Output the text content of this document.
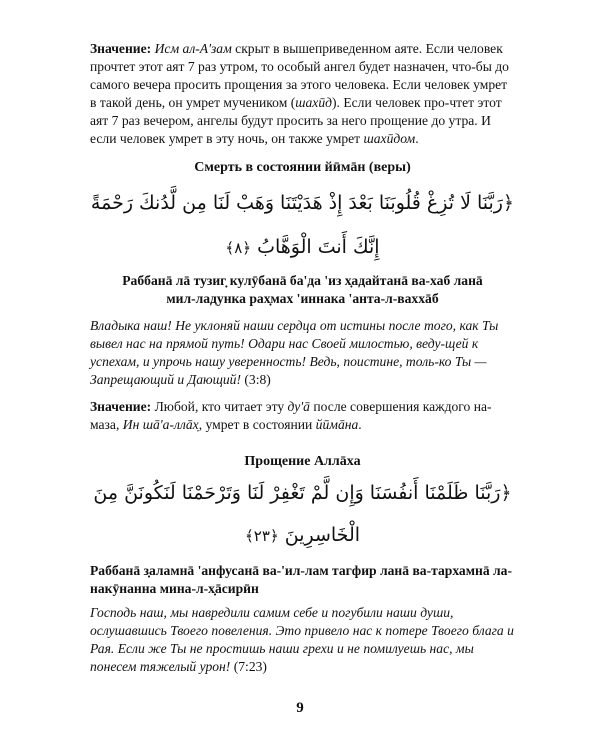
Значение: Исм ал-А'зам скрыт в вышеприведенном аяте. Если человек прочтет этот аят 7 раз утром, то особый ангел будет назначен, что-бы до самого вечера просить прощения за этого человека. Если человек умрет в такой день, он умрет мучеником (шахӣд). Если человек про-чтет этот аят 7 раз вечером, ангелы будут просить за него прощение до утра. И если человек умрет в эту ночь, он также умрет шахӣдом.

Смерть в состоянии йӣмāн (веры)
﴿رَبَّنَا لَا تُزِغْ قُلُوبَنَا بَعْدَ إِذْ هَدَيْتَنَا وَهَبْ لَنَا مِن لَّدُنكَ رَحْمَةً
إِنَّكَ أَنتَ الْوَهَّابُ ﴿٨﴾
Раббанā лā тузиг̣ кулӯбанā ба'да 'из х̣адайтанā ва-хаб ланā
мил-ладунка рах̣мах 'иннака 'анта-л-ваххāб
Владыка наш! Не уклоняй наши сердца от истины после того, как Ты вывел нас на прямой путь! Одари нас Своей милостью, веду-щей к успехам, и упрочь нашу уверенность! Ведь, поистине, толь-ко Ты — Запрещающий и Дающий! (3:8)

Значение: Любой, кто читает эту ду'ā после совершения каждого на-маза, Ин шā'а-ллāх̣, умрет в состоянии йӣмāна.

Прощение Аллāха
﴿رَبَّنَا ظَلَمْنَا أَنفُسَنَا وَإِن لَّمْ تَغْفِرْ لَنَا وَتَرْحَمْنَا لَنَكُونَنَّ مِنَ
الْخَاسِرِينَ ﴿٢٣﴾
Раббанā з̣аламнā 'анфусанā ва-'ил-лам тагфир ланā ва-тархамнā ла-
накӯнанна мина-л-х̣āсирӣн
Господь наш, мы навредили самим себе и погубили наши души, ослушавшись Твоего повеления. Это привело нас к потере Твоего блага и Рая. Если же Ты не простишь наши грехи и не помилуешь нас, мы понесем тяжелый урон! (7:23)
9
